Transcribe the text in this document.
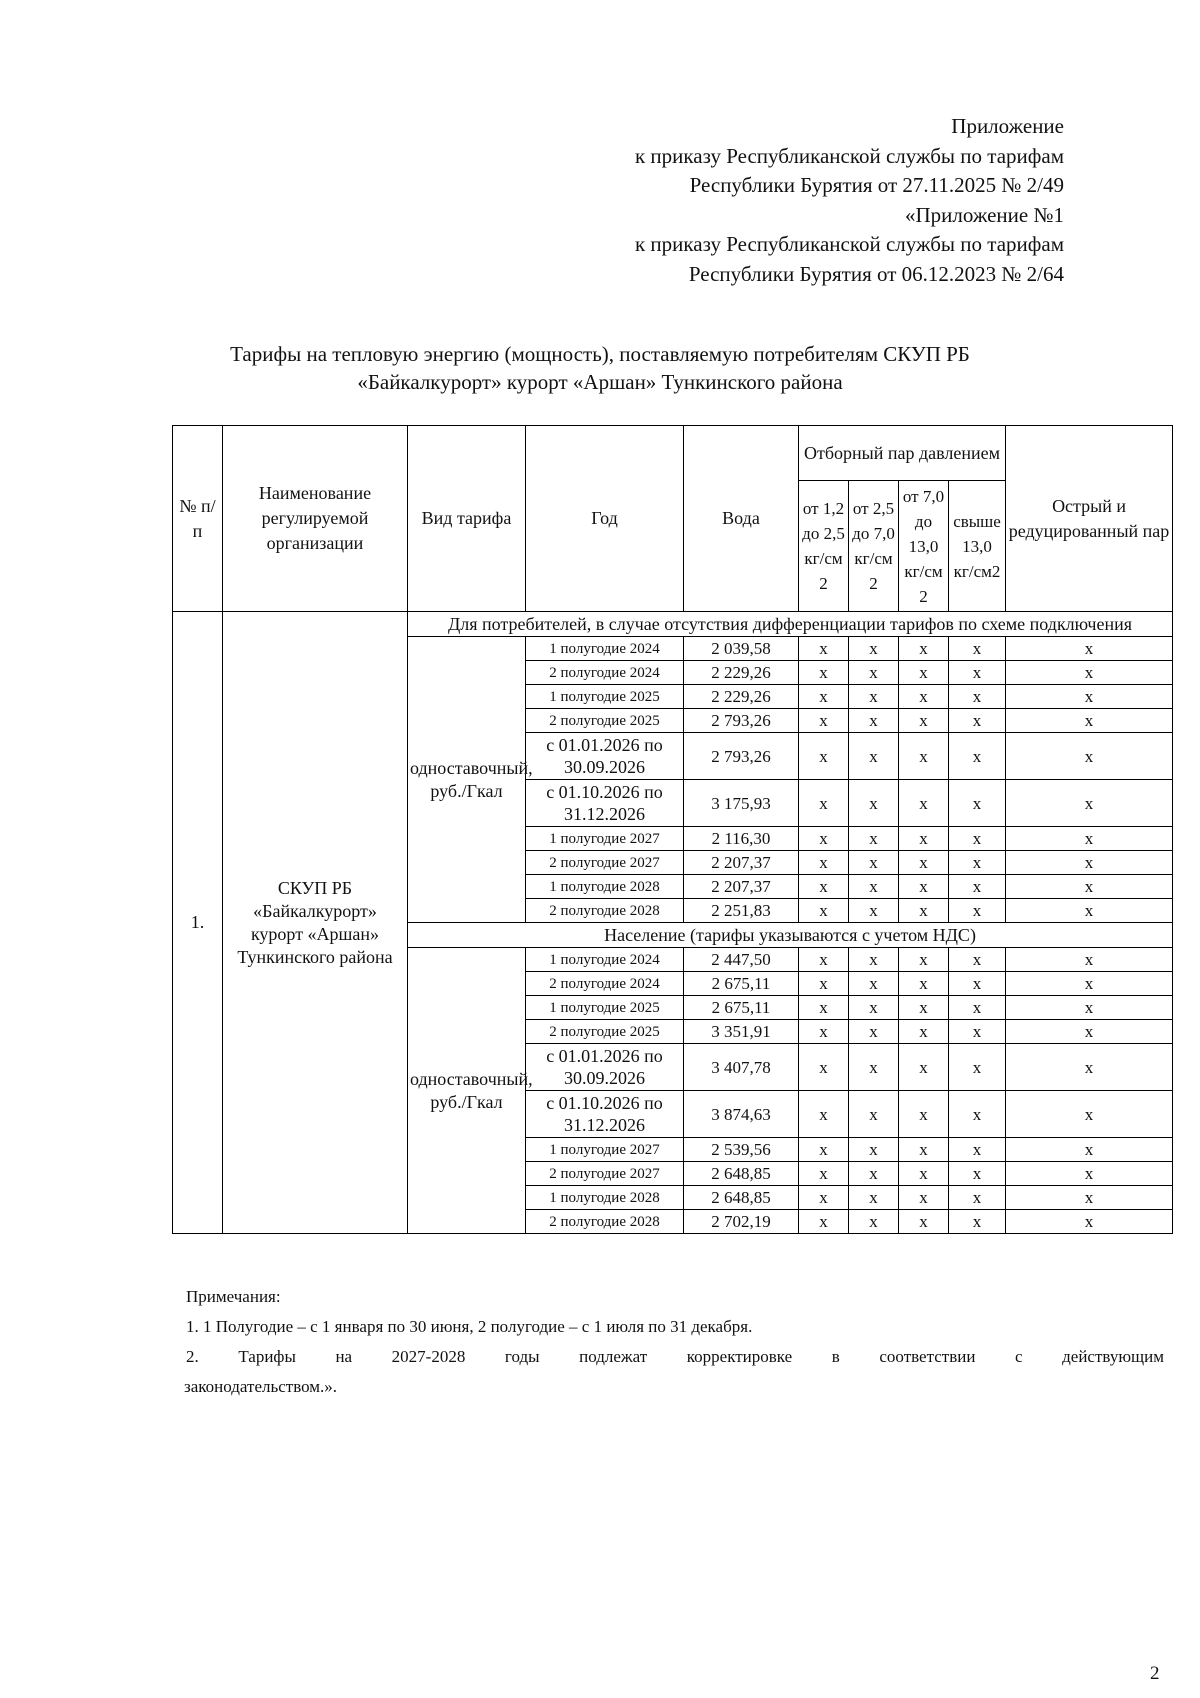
Приложение
к приказу Республиканской службы по тарифам
Республики Бурятия от 27.11.2025 № 2/49
«Приложение №1
к приказу Республиканской службы по тарифам
Республики Бурятия от 06.12.2023 № 2/64
Тарифы на тепловую энергию (мощность), поставляемую потребителям СКУП РБ
«Байкалкурорт» курорт «Аршан» Тункинского района
№ п/п	Наименование регулируемой организации	Вид тарифа	Год	Вода	Отборный пар давлением				Острый и редуцированный пар
					от 1,2 до 2,5 кг/см 2	от 2,5 до 7,0 кг/см 2	от 7,0 до 13,0 кг/см 2	свыше 13,0 кг/см2	
1.	СКУП РБ «Байкалкурорт» курорт «Аршан» Тункинского района	Для потребителей, в случае отсутствия дифференциации тарифов по схеме подключения							
		одноставочный, руб./Гкал	1 полугодие 2024	2 039,58	х	х	х	х	х
			2 полугодие 2024	2 229,26	х	х	х	х	х
			1 полугодие 2025	2 229,26	х	х	х	х	х
			2 полугодие 2025	2 793,26	х	х	х	х	х
			с 01.01.2026 по 30.09.2026	2 793,26	х	х	х	х	х
			с 01.10.2026 по 31.12.2026	3 175,93	х	х	х	х	х
			1 полугодие 2027	2 116,30	х	х	х	х	х
			2 полугодие 2027	2 207,37	х	х	х	х	х
			1 полугодие 2028	2 207,37	х	х	х	х	х
			2 полугодие 2028	2 251,83	х	х	х	х	х
		Население (тарифы указываются с учетом НДС)							
		одноставочный, руб./Гкал	1 полугодие 2024	2 447,50	х	х	х	х	х
			2 полугодие 2024	2 675,11	х	х	х	х	х
			1 полугодие 2025	2 675,11	х	х	х	х	х
			2 полугодие 2025	3 351,91	х	х	х	х	х
			с 01.01.2026 по 30.09.2026	3 407,78	х	х	х	х	х
			с 01.10.2026 по 31.12.2026	3 874,63	х	х	х	х	х
			1 полугодие 2027	2 539,56	х	х	х	х	х
			2 полугодие 2027	2 648,85	х	х	х	х	х
			1 полугодие 2028	2 648,85	х	х	х	х	х
			2 полугодие 2028	2 702,19	х	х	х	х	х
Примечания:
1. 1 Полугодие – с 1 января по 30 июня, 2 полугодие – с 1 июля по 31 декабря.
2. Тарифы на 2027-2028 годы подлежат корректировке в соответствии с действующим
законодательством.».
2
